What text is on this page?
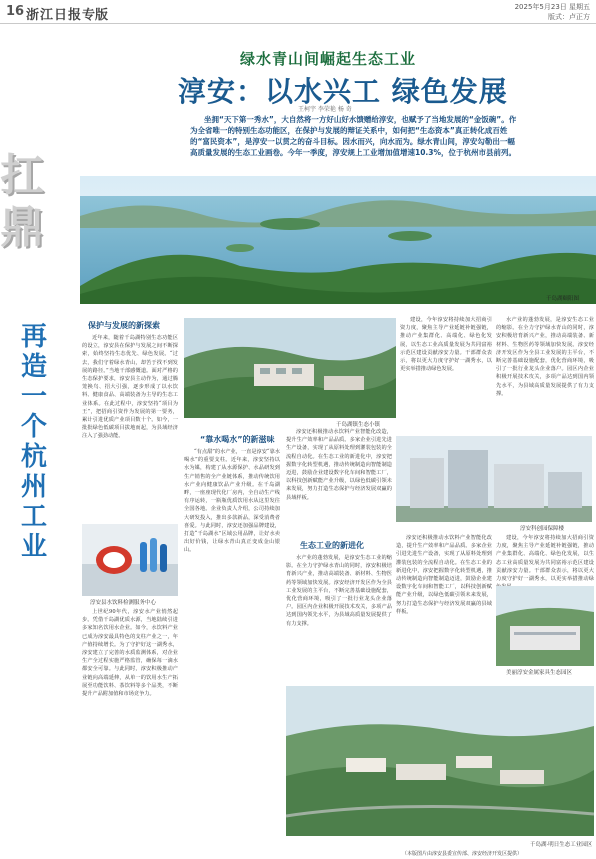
16 浙江日报 专版
2025年5月23日 星期五
版式：卢正方
扛鼎
再造一个杭州工业
绿水青山间崛起生态工业
淳安：以水兴工 绿色发展
王柯宇 李荣艳 杨 奇
坐拥“天下第一秀水”，大自然将一方好山好水馈赠给淳安，也赋予了当地发展的“金饭碗”。作为全省唯一的特别生态功能区，在保护与发展的辩证关系中，如何把“生态资本”真正转化成百姓的“富民资本”，是淳安一以贯之的奋斗目标。因水而兴，向水而为。绿水青山间，淳安勾勒出一幅高质量发展的生态工业画卷。今年一季度，淳安规上工业增加值增速10.3%，位于杭州市县前列。
千岛湖颐阳图
保护与发展的新探索
近年来，随着千岛湖特别生态功能区的设立，淳安县在保护与发展之间不断探索，始终坚持生态优先、绿色发展。“过去，我们守着绿水青山，却苦于找不到发展的路径。”当地干部感慨道。面对严格的生态保护要求，淳安县主动作为，通过腾笼换鸟、招大引强，逐步形成了以水饮料、健康食品、高端装备为主导的生态工业体系。在此过程中，淳安坚持“项目为王”，把招商引资作为发展的第一要务，累计引进优质产业项目数十个。如今，一批批绿色低碳项目拔地而起，为县域经济注入了强劲动能。
淳安县水饮料检测服务中心
上世纪90年代，淳安水产业悄然起步。凭借千岛湖优质水源，当地陆续引进多家知名饮用水企业。如今，水饮料产业已成为淳安最具特色的支柱产业之一，年产值持续增长。为了守护好这一湖秀水，淳安建立了完善的水质监测体系，对企业生产全过程实施严格监管，确保每一滴水都安全可靠。与此同时，淳安积极推动产业链向高端延伸，从单一的饮用水生产拓展至功能饮料、茶饮料等多个品类，不断提升产品附加值和市场竞争力。
千岛湖镇生态小镇
“靠水喝水”的新滋味
“有点甜”的水产业，一直是淳安“靠水喝水”的重要支柱。近年来，淳安坚持以水为媒，构建了从水源保护、水品研发到生产销售的全产业链体系，推动传统饮用水产业向健康饮品产业升级。在千岛湖畔，一座座现代化厂房内，全自动生产线有序运转，一瓶瓶优质饮用水从这里发往全国各地。企业负责人介绍，公司持续加大研发投入，推出多款新品，深受消费者喜爱。与此同时，淳安还加强品牌建设，打造“千岛湖水”区域公用品牌，让好水卖出好价钱，让绿水青山真正变成金山银山。
淳安还积极推动水饮料产业智能化改造，提升生产效率和产品品质。多家企业引进先进生产设备，实现了从原料处理到灌装包装的全流程自动化。在生态工业的新进化中，淳安把握数字化转型机遇，推动传统制造向智能制造迈进，鼓励企业建设数字化车间和智能工厂，以科技创新赋能产业升级，以绿色低碳引领未来发展，努力打造生态保护与经济发展双赢的县域样板。
生态工业的新进化
水产业的蓬勃发展，是淳安生态工业的缩影。在全力守护绿水青山的同时，淳安积极培育新兴产业，推动高端装备、新材料、生物医药等领域加快发展。淳安经济开发区作为全县工业发展的主平台，不断完善基础设施配套，优化营商环境，吸引了一批行业龙头企业落户。园区内企业积极开展技术攻关，多项产品达到国内领先水平，为县域高质量发展提供了有力支撑。
建设，今年淳安将持续加大招商引资力度，聚焦主导产业延链补链强链，推动产业集群化、高端化、绿色化发展，以生态工业高质量发展为共同富裕示范区建设贡献淳安力量。干部群众表示，将以更大力度守护好一湖秀水，以更实举措推动绿色发展。
水产业的蓬勃发展，是淳安生态工业的缩影。在全力守护绿水青山的同时，淳安积极培育新兴产业，推动高端装备、新材料、生物医药等领域加快发展。淳安经济开发区作为全县工业发展的主平台，不断完善基础设施配套，优化营商环境，吸引了一批行业龙头企业落户。园区内企业积极开展技术攻关，多项产品达到国内领先水平，为县域高质量发展提供了有力支撑。
淳安科创园保障楼
淳安还积极推动水饮料产业智能化改造，提升生产效率和产品品质。多家企业引进先进生产设备，实现了从原料处理到灌装包装的全流程自动化。在生态工业的新进化中，淳安把握数字化转型机遇，推动传统制造向智能制造迈进，鼓励企业建设数字化车间和智能工厂，以科技创新赋能产业升级，以绿色低碳引领未来发展，努力打造生态保护与经济发展双赢的县域样板。
建设，今年淳安将持续加大招商引资力度，聚焦主导产业延链补链强链，推动产业集群化、高端化、绿色化发展，以生态工业高质量发展为共同富裕示范区建设贡献淳安力量。干部群众表示，将以更大力度守护好一湖秀水，以更实举措推动绿
美丽淳安金属家具生态园区
千岛湖·明日生态工业园区
（本版图片由淳安县委宣传部、淳安经济开发区提供）
